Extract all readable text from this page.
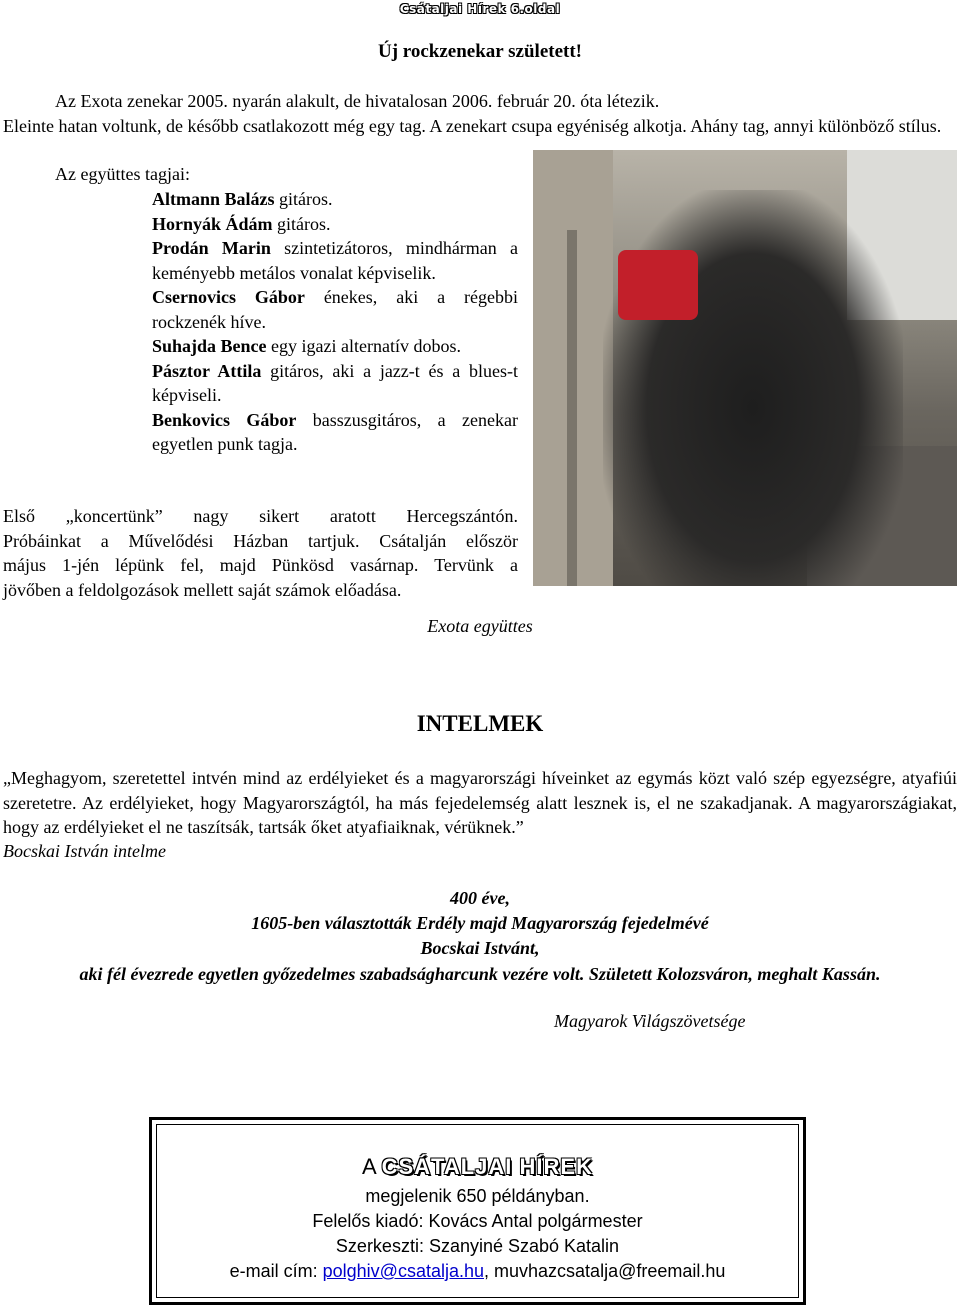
Csátaljai Hírek 6.oldal
Új rockzenekar született!

Az Exota zenekar 2005. nyarán alakult, de hivatalosan 2006. február 20. óta létezik.

Eleinte hatan voltunk, de később csatlakozott még egy tag. A zenekart csupa egyéniség alkotja. Ahány tag, annyi különböző stílus.

Az együttes tagjai:

Altmann Balázs gitáros.

Hornyák Ádám gitáros.

Prodán Marin szintetizátoros, mindhárman a keményebb metálos vonalat képviselik.

Csernovics Gábor énekes, aki a régebbi rockzenék híve.

Suhajda Bence egy igazi alternatív dobos.

Pásztor Attila gitáros, aki a jazz-t és a blues-t képviseli.

Benkovics Gábor basszusgitáros, a zenekar egyetlen punk tagja.

Első „koncertünk” nagy sikert aratott Hercegszántón.

Próbáinkat a Művelődési Házban tartjuk. Csátalján először

május 1-jén lépünk fel, majd Pünkösd vasárnap. Tervünk a

jövőben a feldolgozások mellett saját számok előadása.

Exota együttes
INTELMEK

„Meghagyom, szeretettel intvén mind az erdélyieket és a magyarországi híveinket az egymás közt való szép egyezségre, atyafiúi szeretetre. Az erdélyieket, hogy Magyarországtól, ha más fejedelemség alatt lesznek is, el ne szakadjanak. A magyarországiakat, hogy az erdélyieket el ne taszítsák, tartsák őket atyafiaiknak, vérüknek.”

Bocskai István intelme
400 éve,
1605-ben választották Erdély majd Magyarország fejedelmévé
Bocskai Istvánt,
aki fél évezrede egyetlen győzedelmes szabadságharcunk vezére volt. Született Kolozsváron, meghalt Kassán.
Magyarok Világszövetsége
A CSÁTALJAI HÍREK
megjelenik 650 példányban.
Felelős kiadó: Kovács Antal polgármester
Szerkeszti: Szanyiné Szabó Katalin
e-mail cím: polghiv@csatalja.hu, muvhazcsatalja@freemail.hu
